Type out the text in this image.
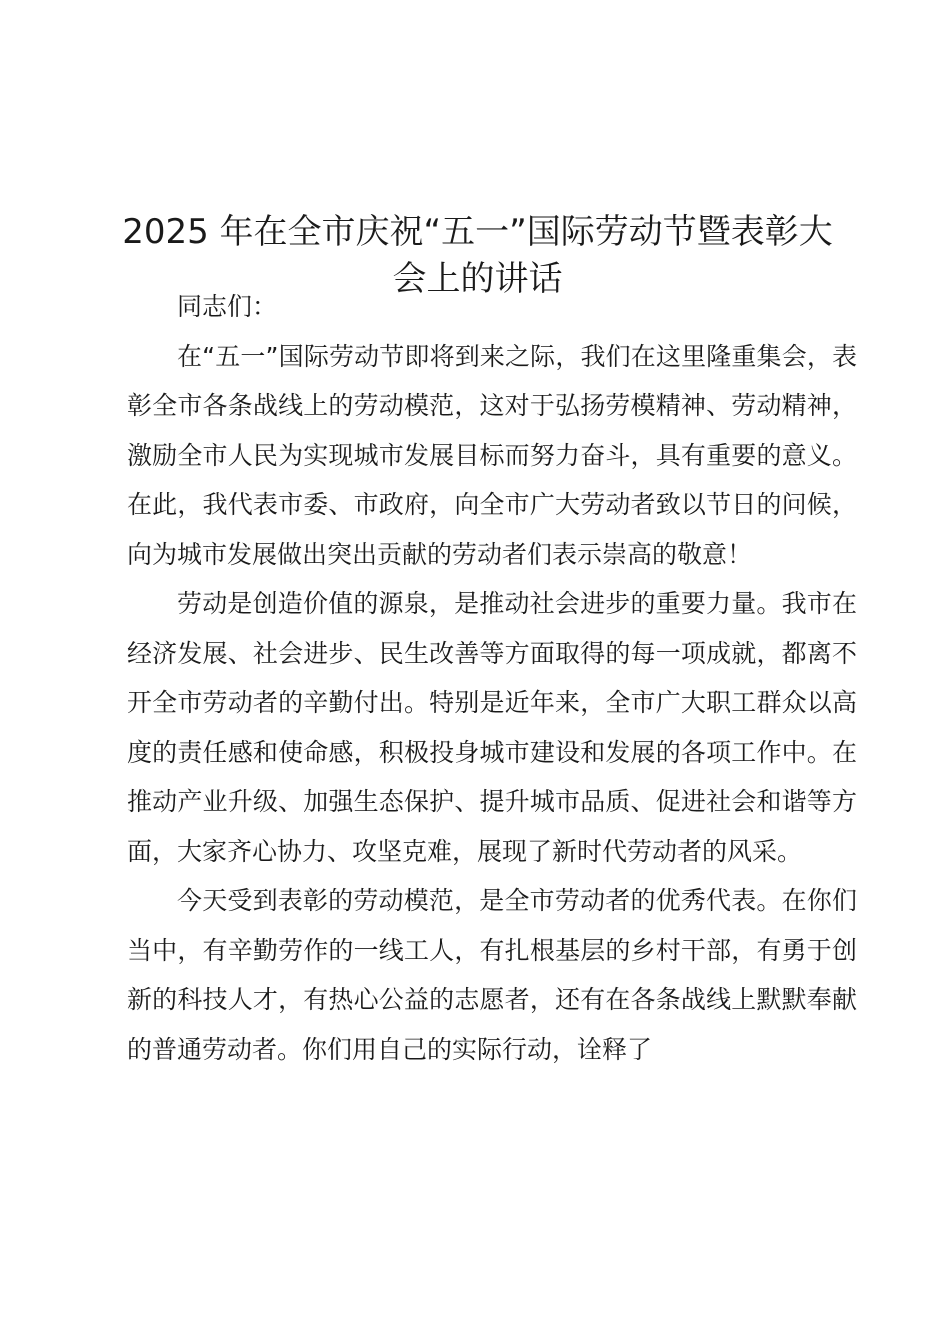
2025 年在全市庆祝“五一”国际劳动节暨表彰大会上的讲话

同志们：

在“五一”国际劳动节即将到来之际，我们在这里隆重集会，表彰全市各条战线上的劳动模范，这对于弘扬劳模精神、劳动精神，激励全市人民为实现城市发展目标而努力奋斗，具有重要的意义。在此，我代表市委、市政府，向全市广大劳动者致以节日的问候，向为城市发展做出突出贡献的劳动者们表示崇高的敬意！

劳动是创造价值的源泉，是推动社会进步的重要力量。我市在经济发展、社会进步、民生改善等方面取得的每一项成就，都离不开全市劳动者的辛勤付出。特别是近年来，全市广大职工群众以高度的责任感和使命感，积极投身城市建设和发展的各项工作中。在推动产业升级、加强生态保护、提升城市品质、促进社会和谐等方面，大家齐心协力、攻坚克难，展现了新时代劳动者的风采。

今天受到表彰的劳动模范，是全市劳动者的优秀代表。在你们当中，有辛勤劳作的一线工人，有扎根基层的乡村干部，有勇于创新的科技人才，有热心公益的志愿者，还有在各条战线上默默奉献的普通劳动者。你们用自己的实际行动，诠释了
